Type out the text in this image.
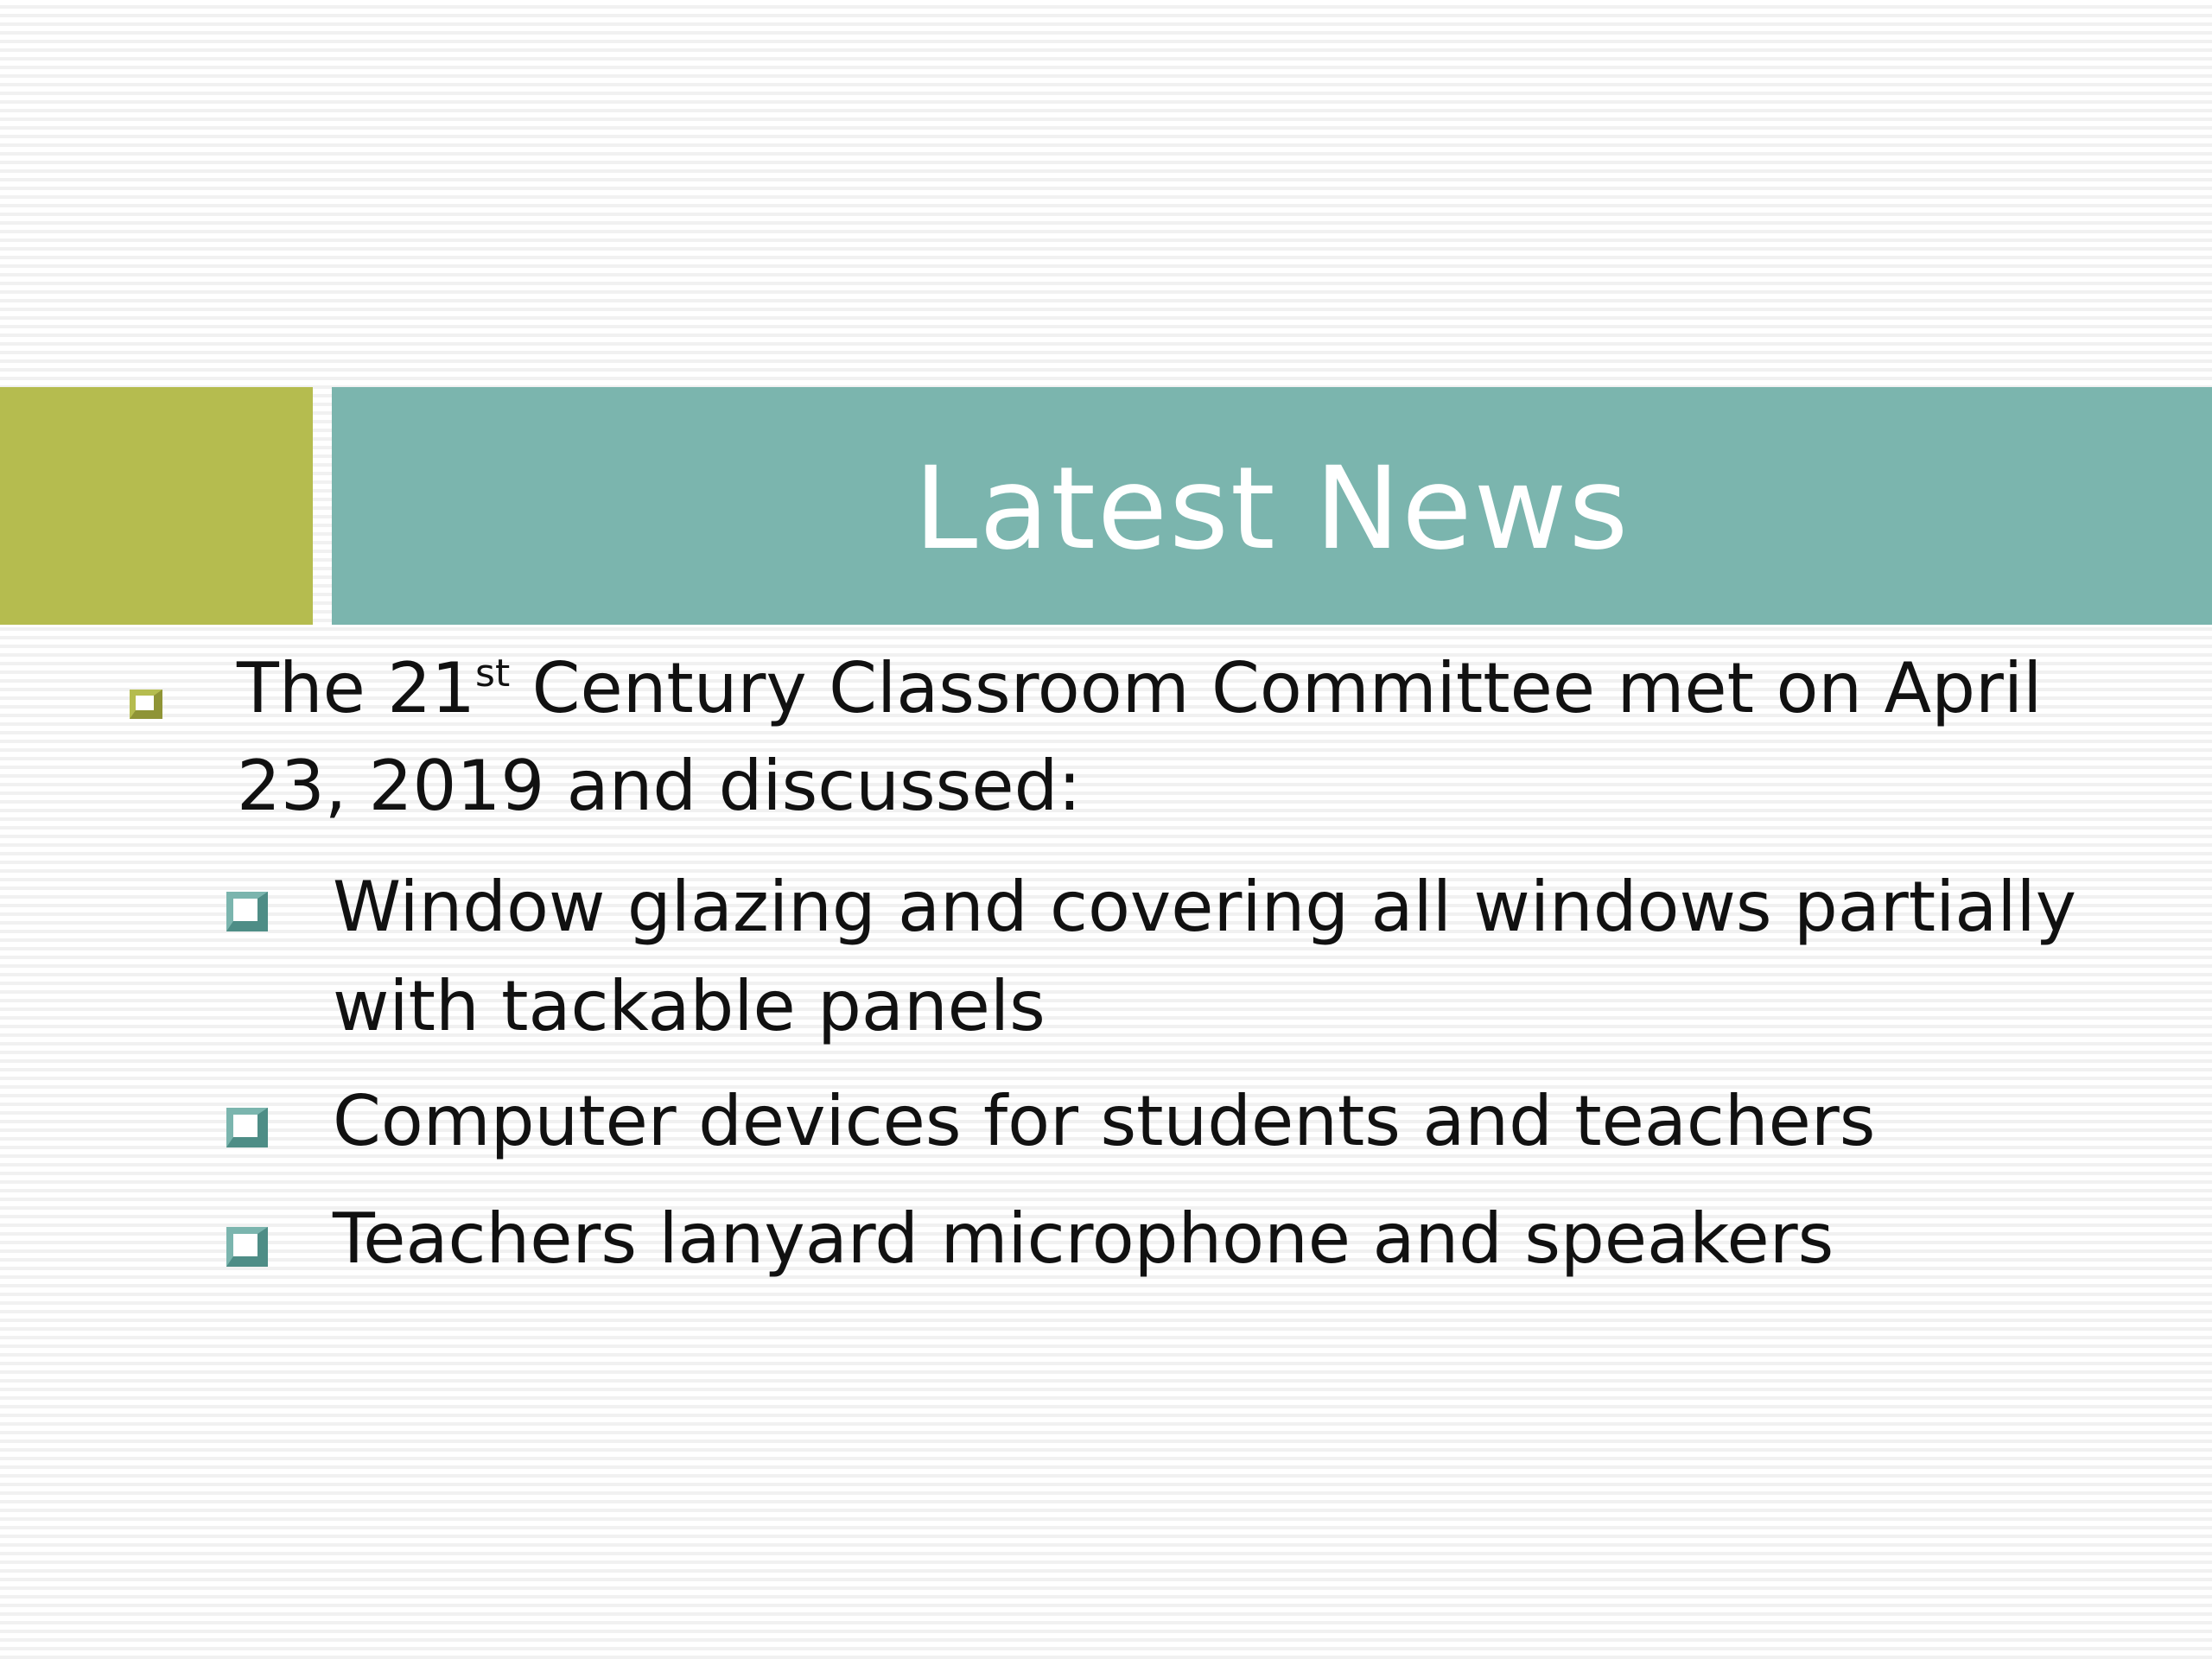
Latest News
The 21st Century Classroom Committee met on April 23, 2019 and discussed:
Window glazing and covering all windows partially with tackable panels
Computer devices for students and teachers
Teachers lanyard microphone and speakers
